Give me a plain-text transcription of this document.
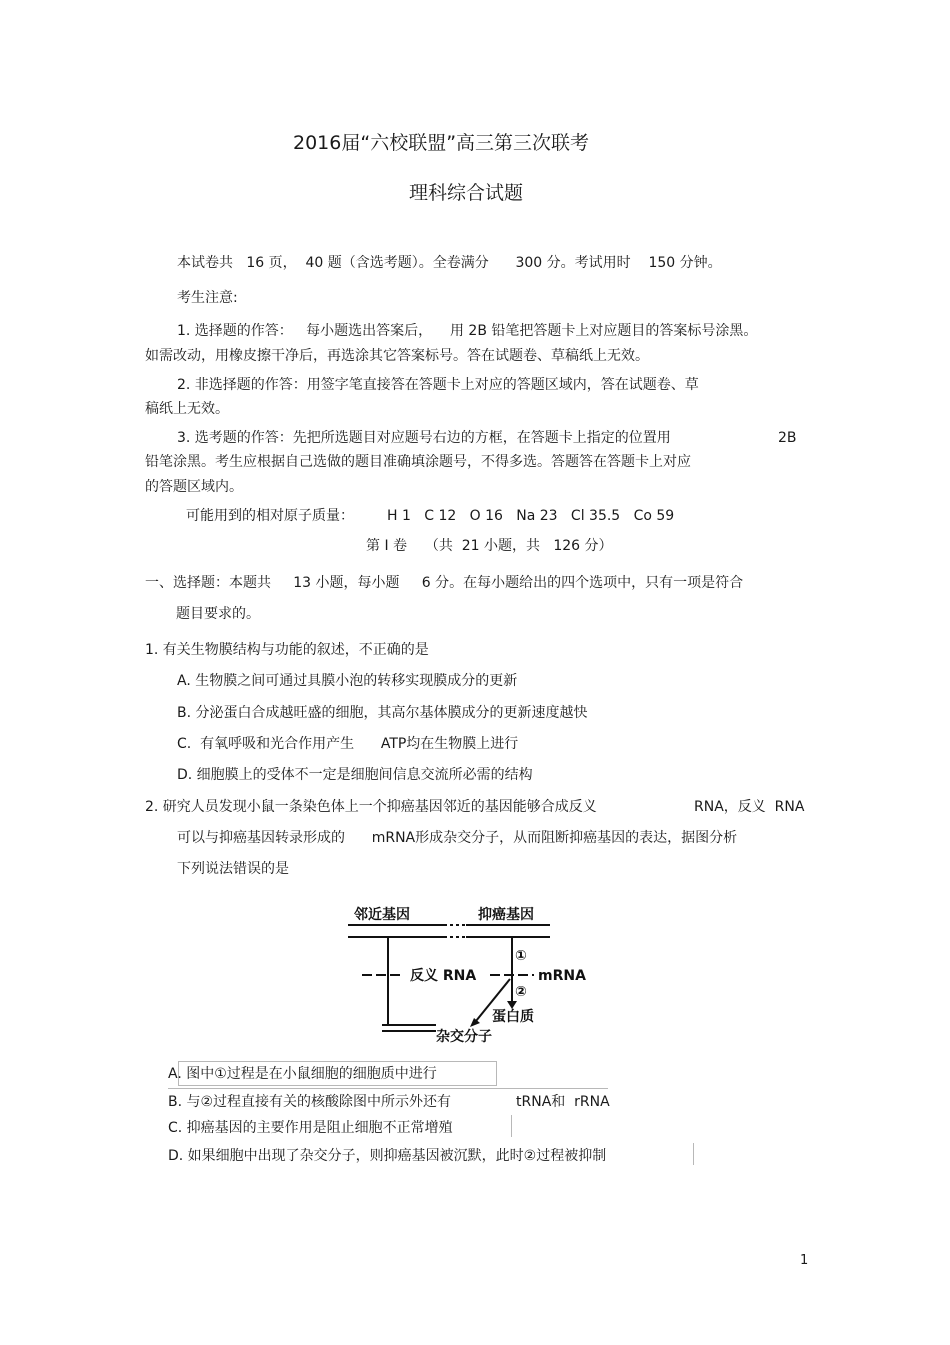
2016届“六校联盟”高三第三次联考
理科综合试题
本试卷共   16 页，  40 题（含选考题）。全卷满分      300 分。考试用时    150 分钟。
考生注意:
1. 选择题的作答：   每小题选出答案后，    用 2B 铅笔把答题卡上对应题目的答案标号涂黑。
如需改动，用橡皮擦干净后，再选涂其它答案标号。答在试题卷、草稿纸上无效。
2. 非选择题的作答：用签字笔直接答在答题卡上对应的答题区域内，答在试题卷、草
稿纸上无效。
3. 选考题的作答：先把所选题目对应题号右边的方框，在答题卡上指定的位置用	2B
铅笔涂黑。考生应根据自己选做的题目准确填涂题号，不得多选。答题答在答题卡上对应
的答题区域内。
可能用到的相对原子质量： H 1   C 12   O 16   Na 23   Cl 35.5   Co 59
第 Ⅰ 卷    （共  21 小题，共   126 分）
一、选择题：本题共     13 小题，每小题     6 分。在每小题给出的四个选项中，只有一项是符合
题目要求的。
1. 有关生物膜结构与功能的叙述，不正确的是
A. 生物膜之间可通过具膜小泡的转移实现膜成分的更新
B. 分泌蛋白合成越旺盛的细胞，其高尔基体膜成分的更新速度越快
C.  有氧呼吸和光合作用产生      ATP均在生物膜上进行
D. 细胞膜上的受体不一定是细胞间信息交流所必需的结构
2. 研究人员发现小鼠一条染色体上一个抑癌基因邻近的基因能够合成反义	RNA，反义  RNA
可以与抑癌基因转录形成的      mRNA形成杂交分子，从而阻断抑癌基因的表达，据图分析
下列说法错误的是
邻近基因	抑癌基因
反义 RNA	mRNA
①
②
蛋白质
杂交分子
A. 图中①过程是在小鼠细胞的细胞质中进行
B. 与②过程直接有关的核酸除图中所示外还有	tRNA和  rRNA
C. 抑癌基因的主要作用是阻止细胞不正常增殖
D. 如果细胞中出现了杂交分子，则抑癌基因被沉默，此时②过程被抑制
1
